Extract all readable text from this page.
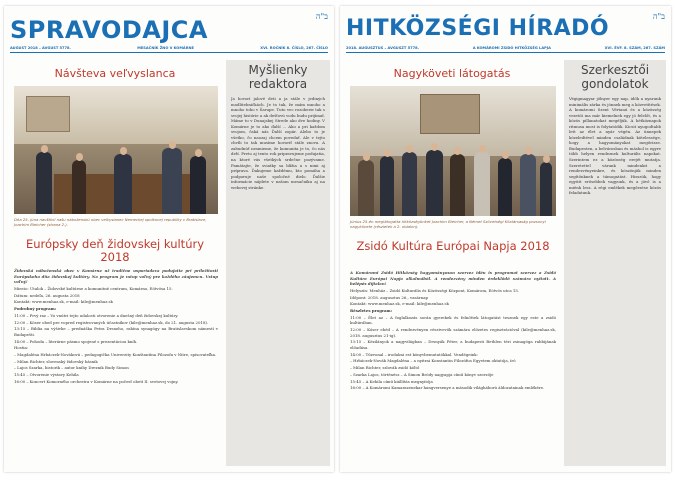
SPRAVODAJCA	ב"ה
AUGUST 2018 – AVGUST 5778.	MESAČNÍK ŽNO V KOMÁRNE	XVI. ROČNÍK 8. ČÍSLO, 267. ČÍSLO
Návšteva veľvyslanca
Dňa 25. júna navštívil našu náboženskú obec veľvyslanec Nemeckej spolkovej republiky v Bratislave, Joachim Bleicher (strana 2.).
Myšlienky redaktora
Ja hovorí jalové deti a ja stále v jediných modlitebničkách. Je to tak, že mám mnoho a mnoho toho v Šarupe. Tuto vec rozoberie tak s svojej histórie a ak dešťovú vodu budu prijímať. Máme to v Dunajskej Strede ako dve hodiny. V Komárne je to ako ďalší ... Ako a pri každom svojom, čaká nás Ďalší zopár. Alebo to je všetko, čo naozaj chcem povedať. Ale v tejto chvíli to tak musíme hovoriť stále znovu. A zabudnúť nesmieme, že komunita je to, čo nás drží. Preto aj tento rok pripravujeme podujatia, na ktoré vás všetkých srdečne pozývame. Pamätajte, že sviatky sa blížia a s nimi aj príprava. Ďakujeme každému, kto pomáha a podporuje naše spoločné dielo. Ďalšie informácie nájdete v našom mesačníku aj na webovej stránke.
Európsky deň židovskej kultúry 2018

Židovská náboženská obec v Komárne už tradične usporiadava podujatie pri príležitosti Európskeho dňa židovskej kultúry. Na program je vstup voľný pre každého záujemcu. Vstup voľný!

Miesto: Utalok – Židovské kultúrne a komunitné centrum, Komárno, Eötvösa 15.

Dátum: nedeľa, 26. augusta 2018

Kontakt: www.menhaz.sk, e-mail: kile@menhaz.sk

Podrobný program:

11:00 – Prvý raz – Vo vnútri tejto udalosti otvorenie a dnešný deň židovskej kultúry.

12:00 – Kóser obed pre vopred registrovaných účastníkov (kile@menhaz.sk, do 21. augusta 2018).

13:15 – Biblia na výšivke – prednáška Petra Drsneho, rabína synagógy na Bratislavskom námestí v Budapešti.

14:00 – Pohoda – literárne pásmo spojené s prezentáciou kníh.

Hostia:

– Magdaléna Hrbáczek-Nováková – pedagogička Univerzity Konštantína Filozofa v Nitre, spisovateľka.

– Milan Richter, slovenský židovský básnik

– Lajos Szarka, historik – autor knihy Dreznik Budy Simon

15:45 – Otvorenie výstavy Kehila

16:00 – Koncert Komorného orchestra v Komárne na počesť obetí II. svetovej vojny.

HITKÖZSÉGI HÍRADÓ	ב"ה
2018. AUGUSZTUS – AVGUSZT 5778.	A KOMÁROMI ZSIDÓ HITKÖZSÉG LAPJA	XVI. ÉVF. 8. SZÁM, 267. SZÁM
Nagyköveti látogatás
Június 25-én meglátogatta hitközségünket Joachim Bleicher, a Német Szövetségi Köztársaság pozsonyi nagykövete (részletek a 2. oldalon).
Szerkesztői gondolatok
Végigmagyar jólnyer egy nap, idők a nyarunk minimális zárka és jönnek meg a közvetítések. A komáromi Szent Vértanú és a közösség vezetői ma már kiemelnek egy jó felelőt, és a közös pillanatokat megéljük. A hétköznapok ritmusa most is folytatódik. Kicsit nyugodtabb lett az élet a nyár végén. Az ünnepek közeledtével minden családnak kötelessége, hogy a hagyományokat megőrizze. Budapesten, a belvárosban és máshol is egyre több helyen rendeznek kulturális napokat. Szerintem ez a közösség erejét mutatja. Szeretettel várunk mindenkit a rendezvényeinkre, és köszönjük minden segítőnknek a támogatást. Hisszük, hogy együtt erősebbek vagyunk, és a jövő is a miénk lesz. A régi emlékek megőrzése közös feladatunk.
Zsidó Kultúra Európai Napja 2018

A Komáromi Zsidó Hitközség hagyományosan szervez idén is programot szervez a Zsidó Kultúra Európai Napja alkalmából. A rendezvény minden érdeklődő számára nyitott. A belépés díjtalan!

Helyszín: Menház – Zsidó Kulturális és Közösségi Központ, Komárom, Eötvös utca 15.

Időpont: 2018. augusztus 26., vasárnap

Kontakt: www.menhaz.sk, e-mail: kile@menhaz.sk

Részletes program:

11:00 – Élet az – A foglalkozás során gyerekek és felnőttek látogatást tesznek egy este a zsidó kultúrában.

12:00 – Kóser ebéd – A rendezvényen résztvevők számára előzetes regisztrációval (kile@menhaz.sk, 2018. augusztus 21-ig).

13:15 – Kézilányok a nagyvilágban – Drsnyák Péter, a budapesti Bethlen téri zsinagóga rabbijának előadása.

14:00 – Tűzvonal – irodalmi est könyvbemutatókkal. Vendégeink:

– Hrbáczek-Novák Magdaléna – a nyitrai Konstantin Filozófus Egyetem oktatója, író

– Milan Richter, szlovák zsidó költő

– Szarka Lajos, történész – A Simon Bródy nagyapja című könyv szerzője

15:45 – A Kehila című kiállítás megnyitója

16:00 – A Komáromi Kamarazenekar hangversenye a második világháború áldozatainak emlékére.
